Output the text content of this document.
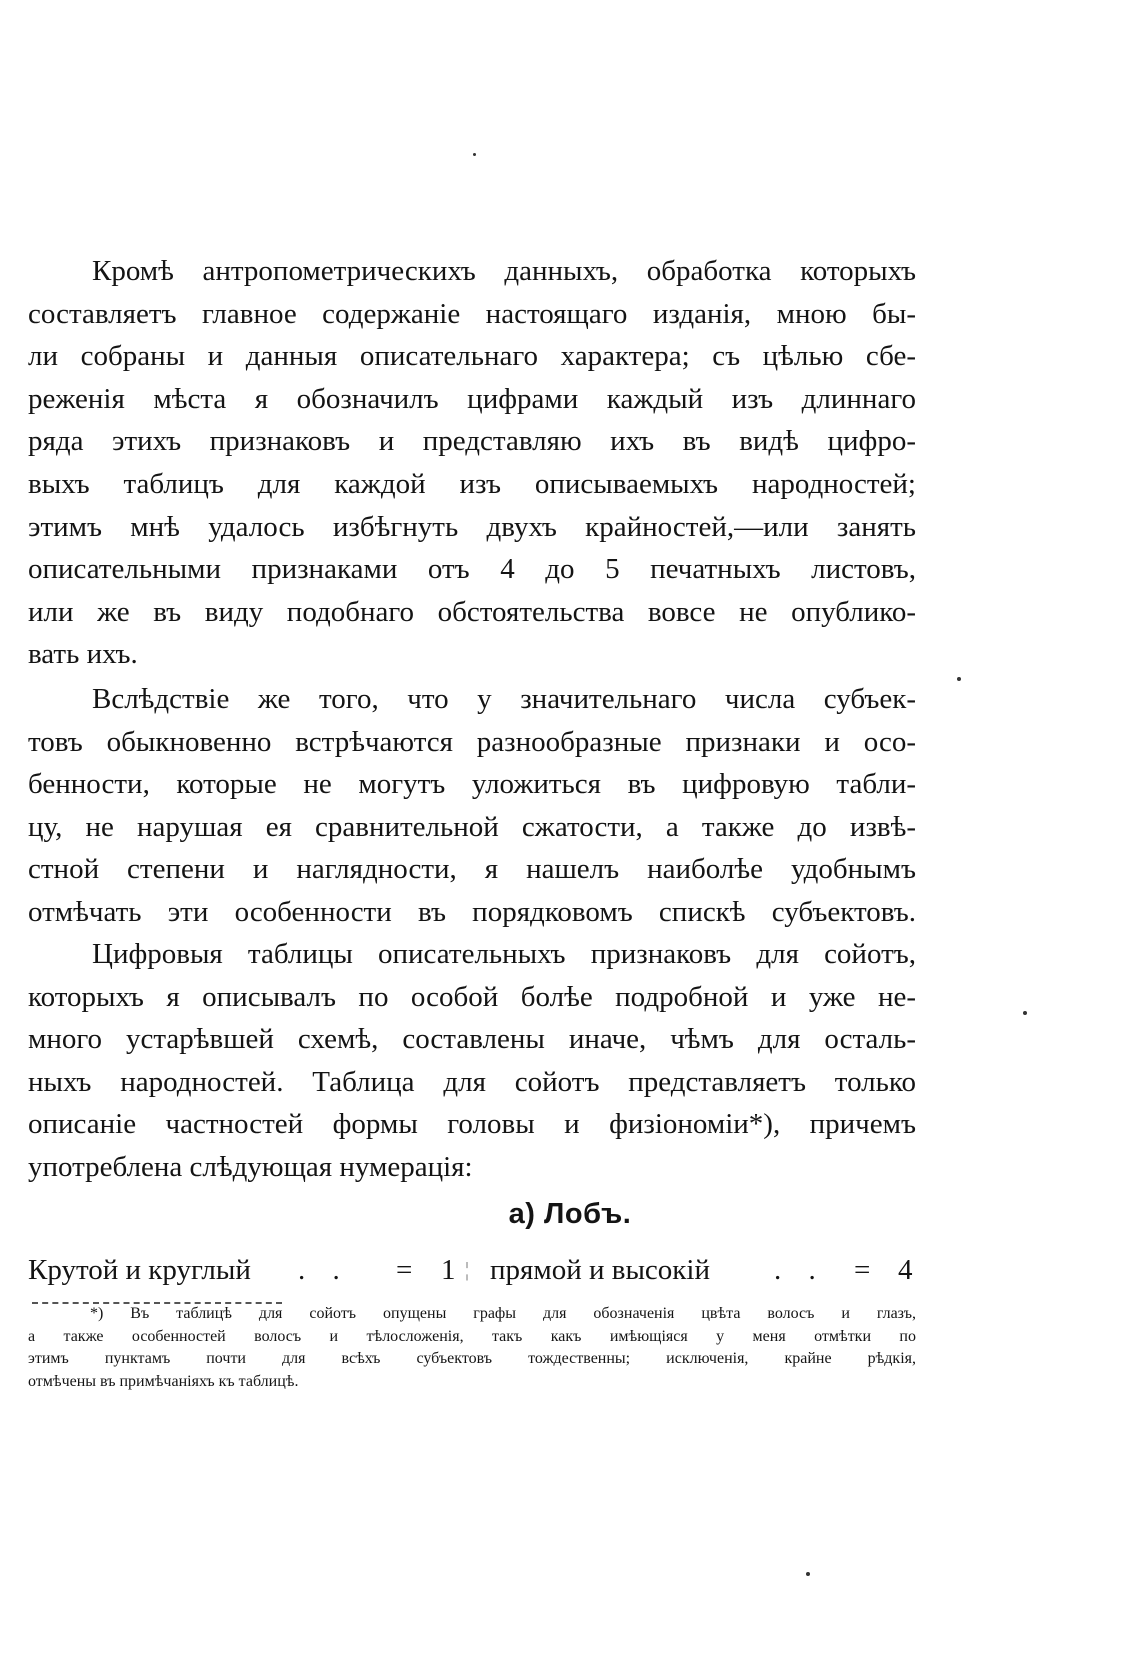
Кромѣ антропометрическихъ данныхъ, обработка которыхъ
составляетъ главное содержаніе настоящаго изданія, мною бы-
ли собраны и данныя описательнаго характера; съ цѣлью сбе-
реженія мѣста я обозначилъ цифрами каждый изъ длиннаго
ряда этихъ признаковъ и представляю ихъ въ видѣ цифро-
выхъ таблицъ для каждой изъ описываемыхъ народностей;
этимъ мнѣ удалось избѣгнуть двухъ крайностей,—или занять
описательными признаками отъ 4 до 5 печатныхъ листовъ,
или же въ виду подобнаго обстоятельства вовсе не опублико-
вать ихъ.
Вслѣдствіе же того, что у значительнаго числа субъек-
товъ обыкновенно встрѣчаются разнообразные признаки и осо-
бенности, которые не могутъ уложиться въ цифровую табли-
цу, не нарушая ея сравнительной сжатости, а также до извѣ-
стной степени и наглядности, я нашелъ наиболѣе удобнымъ
отмѣчать эти особенности въ порядковомъ спискѣ субъектовъ.
Цифровыя таблицы описательныхъ признаковъ для сойотъ,
которыхъ я описывалъ по особой болѣе подробной и уже не-
много устарѣвшей схемѣ, составлены иначе, чѣмъ для осталь-
ныхъ народностей. Таблица для сойотъ представляетъ только
описаніе частностей формы головы и физіономіи*), причемъ
употреблена слѣдующая нумерація:
а) Лобъ.
Крутой и круглый . . = 1 ¦ прямой и высокій . . = 4
*) Въ таблицѣ для сойотъ опущены графы для обозначенія цвѣта волосъ и глазъ,
а также особенностей волосъ и тѣлосложенія, такъ какъ имѣющіяся у меня отмѣтки по
этимъ пунктамъ почти для всѣхъ субъектовъ тождественны; исключенія, крайне рѣдкія,
отмѣчены въ примѣчаніяхъ къ таблицѣ.
